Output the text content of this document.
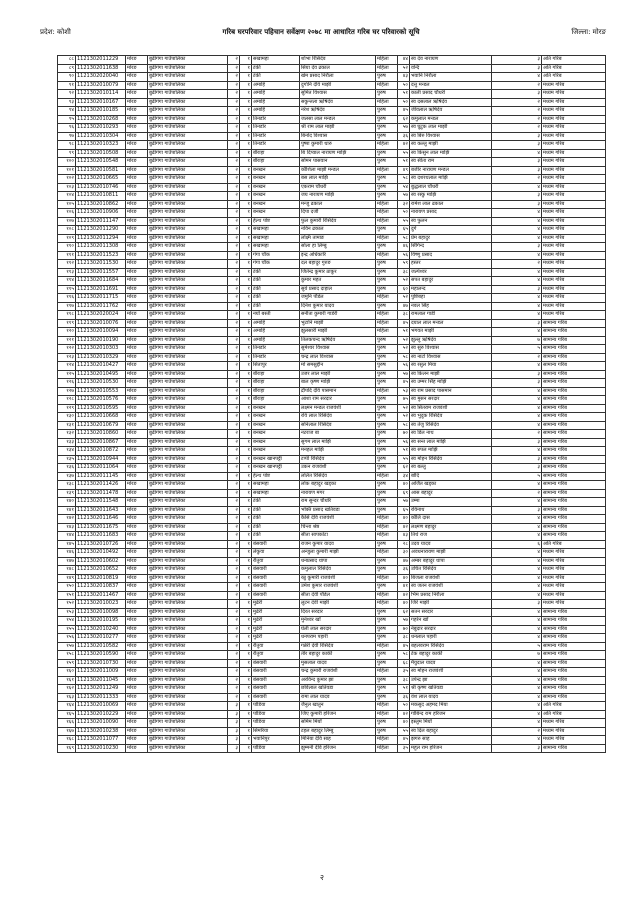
प्रदेश: कोशी	गरिब घरपरिवार पहिचान सर्वेक्षण २०७८ मा आधारित गरिब घर परिवारको सूचि	जिल्ला: मोरङ
८८	1121302011229	मोरङ	बुढीगंगा गाउँपालिका	२	१	सखामहा	शोभा रिसिदेव	महिला	४४	स्व देव नारायण	३	अति गरिब
८९	1121302011638	मोरङ	बुढीगंगा गाउँपालिका	२	१	टंकी	सिया देव ढकाल	महिला	५२	वन्दि	३	अति गरिब
९०	1121302020040	मोरङ	बुढीगंगा गाउँपालिका	२	१	टंकी	खेम प्रसाद निरौला	पुरुष	४३	भवानि निरौला	४	अति गरिब
९१	1121302010079	मोरङ	बुढीगंगा गाउँपालिका	२	१	अमाहि	दुर्गानि देवि माझी	महिला	५०	दत्तु मन्डल	२	मध्यम गरिब
९२	1121302010114	मोरङ	बुढीगंगा गाउँपालिका	२	१	अमाहि	सुमित विश्वास	पुरुष	५१	काली प्रसाद चौधरी	३	मध्यम गरिब
९३	1121302010167	मोरङ	बुढीगंगा गाउँपालिका	२	१	अमाहि	सकुन्तला ऋषिदेव	महिला	५०	स्व दसलाल ऋषिदेव	२	मध्यम गरिब
९४	1121302010185	मोरङ	बुढीगंगा गाउँपालिका	२	१	अमाहि	नरेश ऋषिदेव	पुरुष	४५	जीवलाल ऋषिदेव	२	मध्यम गरिब
९५	1121302010268	मोरङ	बुढीगंगा गाउँपालिका	२	१	तिनडोर	जलसा लाल मन्डल	पुरुष	६२	कमुलाल मन्डल	२	मध्यम गरिब
९६	1121302010293	मोरङ	बुढीगंगा गाउँपालिका	२	१	तिनडोर	श्री राम लाल माझी	पुरुष	५७	स्व घुटुक लाल माझी	२	मध्यम गरिब
९७	1121302010304	मोरङ	बुढीगंगा गाउँपालिका	२	१	तिनडोर	बिनोद विश्वास	पुरुष	३६	स्व बिरु विश्वास	३	मध्यम गरिब
९८	1121302010323	मोरङ	बुढीगंगा गाउँपालिका	२	१	तिनडोर	पुष्पा कुमारी थारु	महिला	४२	स्व कल्लु माझी	३	मध्यम गरिब
९९	1121302010508	मोरङ	बुढीगंगा गाउँपालिका	२	१	बौराहा	बि दिप्याल नारायण माझि	पुरुष	५५	स्व किसुन लाल माझि	४	मध्यम गरिब
१००	1121302010548	मोरङ	बुढीगंगा गाउँपालिका	२	१	बौराहा	सोमन पासवान	पुरुष	५१	स्व सीता राम	३	मध्यम गरिब
१०१	1121302010581	मोरङ	बुढीगंगा गाउँपालिका	२	१	बनखन	कौशिला माझी मन्डल	महिला	४९	बजीर नारायण मन्डल	३	मध्यम गरिब
१०२	1121302010665	मोरङ	बुढीगंगा गाउँपालिका	२	१	बनखन	बस लाल माझि	पुरुष	५८	स्व दशरथलाल माझि	२	मध्यम गरिब
१०३	1121302010746	मोरङ	बुढीगंगा गाउँपालिका	२	१	बनखन	एकराम चौधरी	पुरुष	५४	बुद्धलाल चौधरी	४	मध्यम गरिब
१०४	1121302010811	मोरङ	बुढीगंगा गाउँपालिका	२	१	बनखन	जय नारायण माझि	पुरुष	५७	स्व रस्कु माझि	३	मध्यम गरिब
१०५	1121302010862	मोरङ	बुढीगंगा गाउँपालिका	२	१	बनखन	मन्जु ढकाल	महिला	३२	रामेश लाल ढकाल	३	मध्यम गरिब
१०६	1121302010906	मोरङ	बुढीगंगा गाउँपालिका	२	१	बनखन	दिपा दर्जी	महिला	५०	नारायण प्रसाद	४	मध्यम गरिब
१०७	1121302011147	मोरङ	बुढीगंगा गाउँपालिका	२	१	हेल्थ पोष्ट	फुल कुमारी रिसिदेव	महिला	५५	स्व फुलन	४	मध्यम गरिब
१०८	1121302011290	मोरङ	बुढीगंगा गाउँपालिका	२	१	सखामहा	नविन ढकाल	पुरुष	६५	दुर्गे	४	मध्यम गरिब
१०९	1121302011294	मोरङ	बुढीगंगा गाउँपालिका	२	१	सखामहा	लक्ष्मि तामाङ	महिला	५८	प्रेम बहादुर	४	मध्यम गरिब
११०	1121302011308	मोरङ	बुढीगंगा गाउँपालिका	२	१	सखामहा	सोला हा लिम्बु	पुरुष	४६	सिंगिन्द	३	मध्यम गरिब
१११	1121302011523	मोरङ	बुढीगंगा गाउँपालिका	२	१	गंगा चौक	इन्द्र अधिकारि	महिला	५६	विष्णु प्रसाद	४	मध्यम गरिब
११२	1121302011530	मोरङ	बुढीगंगा गाउँपालिका	२	१	गंगा चौक	दल बहादुर गुरुङ	पुरुष	५९	हस्तर	२	मध्यम गरिब
११३	1121302011557	मोरङ	बुढीगंगा गाउँपालिका	२	१	टंकी	जितेन्द्र कुमार ठाकुर	पुरुष	३८	जल्पेश्वर	४	मध्यम गरिब
११४	1121302011684	मोरङ	बुढीगंगा गाउँपालिका	२	१	टंकी	कुमार महत	पुरुष	५२	सपत बहादुर	४	मध्यम गरिब
११५	1121302011691	मोरङ	बुढीगंगा गाउँपालिका	२	१	टंकी	सुर्य प्रसाद दाहाल	पुरुष	६०	महालन्द	३	मध्यम गरिब
११६	1121302011715	मोरङ	बुढीगंगा गाउँपालिका	२	१	टंकी	जमुनि पौडेल	महिला	५२	पुष्टिबहा	४	मध्यम गरिब
११७	1121302011762	मोरङ	बुढीगंगा गाउँपालिका	२	१	टंकी	दिनेश कुमार यादव	पुरुष	४७	नवल सिंह	४	मध्यम गरिब
११८	1121302020024	मोरङ	बुढीगंगा गाउँपालिका	२	१	नयाँ बस्ती	सनीता कुमारी गाडेरी	महिला	३८	रामलाल गाडी	४	मध्यम गरिब
११९	1121302010076	मोरङ	बुढीगंगा गाउँपालिका	२	१	अमाहि	भुटानि माझी	महिला	४५	दयाल लाल मन्डल	३	सामान्य गरिब
१२०	1121302010094	मोरङ	बुढीगंगा गाउँपालिका	२	१	अमाहि	झुलसारी माझी	महिला	५१	भगवत माझी	४	सामान्य गरिब
१२१	1121302010190	मोरङ	बुढीगंगा गाउँपालिका	२	१	अमाहि	तिलकचन्द ऋषिदेव	पुरुष	५२	झुल्लु ऋषिदेव	७	सामान्य गरिब
१२२	1121302010303	मोरङ	बुढीगंगा गाउँपालिका	२	१	तिनडोर	सुमेश्वर विश्वास	पुरुष	५२	स्व सुरु विश्वास	५	सामान्य गरिब
१२३	1121302010329	मोरङ	बुढीगंगा गाउँपालिका	२	१	तिनडोर	चन्द्र लाल विश्वास	पुरुष	५८	स्व नाटो विश्वास	२	सामान्य गरिब
१२४	1121302010427	मोरङ	बुढीगंगा गाउँपालिका	२	१	सितापुर	मो समसुद्दीन	पुरुष	५६	स्व रसुल मिया	४	सामान्य गरिब
१२५	1121302010495	मोरङ	बुढीगंगा गाउँपालिका	२	१	बौराहा	उजर लाल माझी	पुरुष	५७	स्व किलन माझी	३	सामान्य गरिब
१२६	1121302010530	मोरङ	बुढीगंगा गाउँपालिका	२	१	बौराहा	बाल कृष्ण माझि	पुरुष	४५	स्व उम्मर सिंह माझि	३	सामान्य गरिब
१२७	1121302010553	मोरङ	बुढीगंगा गाउँपालिका	२	१	बौराहा	द्रौपदि देवि पासमान	महिला	५३	स्व राम प्रसाद पासमान	४	सामान्य गरिब
१२८	1121302010576	मोरङ	बुढीगंगा गाउँपालिका	२	१	बौराहा	आशा राम सरदार	पुरुष	७५	स्व मुसन सरदार	४	सामान्य गरिब
१२९	1121302010595	मोरङ	बुढीगंगा गाउँपालिका	२	१	बनखन	लक्ष्मन मन्डल राजवंशी	पुरुष	५२	स्व सितराम राजवंशी	४	सामान्य गरिब
१३०	1121302010668	मोरङ	बुढीगंगा गाउँपालिका	२	१	बनखन	रवि लाल रिसिदेव	पुरुष	५२	स्व भुदुक रिसिदेव	४	सामान्य गरिब
१३१	1121302010679	मोरङ	बुढीगंगा गाउँपालिका	२	१	बनखन	सनिलाल रिसिदेव	पुरुष	५८	स्व तेजु रिसिदेव	४	सामान्य गरिब
१३२	1121302010860	मोरङ	बुढीगंगा गाउँपालिका	२	१	बनखन	नटराज बा	पुरुष	७०	स्व डिल नाथ	२	सामान्य गरिब
१३३	1121302010867	मोरङ	बुढीगंगा गाउँपालिका	२	१	बनखन	सुगम लाल माझि	पुरुष	५६	स्व सन्त लाल माझि	३	सामान्य गरिब
१३४	1121302010872	मोरङ	बुढीगंगा गाउँपालिका	२	१	बनखन	मनहल माझि	पुरुष	५१	स्व रुपल माझि	४	सामान्य गरिब
१३५	1121302010944	मोरङ	बुढीगंगा गाउँपालिका	२	१	बनखन खानपट्टी	टप्पी रिसिदेव	पुरुष	५५	स्व मोहन रिसिदेव	३	सामान्य गरिब
१३६	1121302011064	मोरङ	बुढीगंगा गाउँपालिका	२	१	बनखन खानपट्टी	उकन राजवंशी	पुरुष	६२	स्व बल्लु	३	सामान्य गरिब
१३७	1121302011145	मोरङ	बुढीगंगा गाउँपालिका	२	१	हेल्थ पोष्ट	ललित रिसिदेव	महिला	३४	बोदि	५	सामान्य गरिब
१३८	1121302011426	मोरङ	बुढीगंगा गाउँपालिका	२	१	सखामहा	लोक बहादुर खड्का	पुरुष	४०	अर्जित खड्का	४	सामान्य गरिब
१३९	1121302011478	मोरङ	बुढीगंगा गाउँपालिका	२	१	सखामहा	नारायण मगर	पुरुष	६९	आस बहादुर	२	सामान्य गरिब
१४०	1121302011548	मोरङ	बुढीगंगा गाउँपालिका	२	१	टंकी	राम सुन्दर चौधरि	पुरुष	५७	उम्मा	४	सामान्य गरिब
१४१	1121302011643	मोरङ	बुढीगंगा गाउँपालिका	२	१	टंकी	भक्ति प्रसाद खतिवडा	पुरुष	६५	रविनाथ	३	सामान्य गरिब
१४२	1121302011646	मोरङ	बुढीगंगा गाउँपालिका	२	१	टंकी	कैसि देवि राजवंशी	महिला	४०	कौलि दास	४	सामान्य गरिब
१४३	1121302011675	मोरङ	बुढीगंगा गाउँपालिका	२	१	टंकी	चिन्ता श्रेष्ठ	महिला	४२	लक्ष्मण बहादुर	४	सामान्य गरिब
१४४	1121302011683	मोरङ	बुढीगंगा गाउँपालिका	२	१	टंकी	सीता सापकोटा	महिला	४३	तिर्थ राज	४	सामान्य गरिब
१४५	1121302010726	मोरङ	बुढीगंगा गाउँपालिका	२	१	बंसवारी	राजन कुमार यादव	पुरुष	२८	उदय यादव	६	अति गरिब
१४६	1121302010492	मोरङ	बुढीगंगा गाउँपालिका	२	१	लेकुवा	अन्जुला कुमारी माझी	महिला	३०	अवधनारायण माझी	४	मध्यम गरिब
१४७	1121302010602	मोरङ	बुढीगंगा गाउँपालिका	२	१	रौतुवा	धनप्रसाद थापा	पुरुष	४७	अम्बर बहादुर थापा	४	मध्यम गरिब
१४८	1121302010652	मोरङ	बुढीगंगा गाउँपालिका	२	१	बंसवारी	कमुलाल रिसिदेव	पुरुष	३६	उचित रिसिदेव	४	मध्यम गरिब
१४९	1121302010819	मोरङ	बुढीगंगा गाउँपालिका	२	१	बंसवारी	रन्नु कुमारी राजवंशी	महिला	४०	बिजला राजवंशी	४	मध्यम गरिब
१५०	1121302010837	मोरङ	बुढीगंगा गाउँपालिका	२	१	बंसवारी	उमेश कुमार राजवंशी	पुरुष	४१	स्व जतन राजवंशी	४	मध्यम गरिब
१५१	1121302011467	मोरङ	बुढीगंगा गाउँपालिका	२	१	बंसवारी	सीता देवी पौडेल	महिला	४२	भिम प्रसाद निरौला	४	मध्यम गरिब
१५२	1121302010023	मोरङ	बुढीगंगा गाउँपालिका	२	१	मुढेरी	लुटन देवी माझी	महिला	४०	जिरे माझी	३	मध्यम गरिब
१५३	1121302010098	मोरङ	बुढीगंगा गाउँपालिका	२	१	मुढेरी	दिरत सरदार	पुरुष	६२	सतन सरदार	४	सामान्य गरिब
१५४	1121302010195	मोरङ	बुढीगंगा गाउँपालिका	२	१	मुढेरी	मुनेश्वर खाँ	पुरुष	५७	गहरेन खाँ	४	सामान्य गरिब
१५५	1121302010240	मोरङ	बुढीगंगा गाउँपालिका	२	१	मुढेरी	घेली लाल सरदार	पुरुष	७०	नेबुदार सरदार	४	सामान्य गरिब
१५६	1121302010277	मोरङ	बुढीगंगा गाउँपालिका	२	१	मुढेरी	धनपराम पहारी	पुरुष	३८	धनलाल पहारी	४	सामान्य गरिब
१५७	1121302010582	मोरङ	बुढीगंगा गाउँपालिका	२	१	रौतुवा	गन्नेरी देवी रिसिदेव	महिला	४५	बहलवराम रिसिदेव	५	सामान्य गरिब
१५८	1121302010590	मोरङ	बुढीगंगा गाउँपालिका	२	१	रौतुवा	तीर बहादुर कार्की	पुरुष	५८	टेक बहादुर कार्की	७	सामान्य गरिब
१५९	1121302010730	मोरङ	बुढीगंगा गाउँपालिका	२	१	बंसवारी	मुसलाल यादव	पुरुष	६८	मैयुदाल यादव	४	सामान्य गरिब
१६०	1121302011009	मोरङ	बुढीगंगा गाउँपालिका	२	१	बंसवारी	चन्द्र कुमारी राजवंशी	महिला	३५	स्व मोहन राजवंशी	४	सामान्य गरिब
१६१	1121302011045	मोरङ	बुढीगंगा गाउँपालिका	२	१	बंसवारी	अरविन्द कुमार झा	पुरुष	३८	उपेन्द्र झा	४	सामान्य गरिब
१६२	1121302011249	मोरङ	बुढीगंगा गाउँपालिका	२	१	बंसवारी	छविलाल खतिवडा	पुरुष	५१	श्री कृष्ण खतिवडा	४	सामान्य गरिब
१६३	1121302011333	मोरङ	बुढीगंगा गाउँपालिका	२	१	बंसवारी	रामा लाल यादव	पुरुष	३६	वंश लाल यादव	४	सामान्य गरिब
१६४	1121302010069	मोरङ	बुढीगंगा गाउँपालिका	३	१	पोडिया	जैनुल खातुन	महिला	५०	मकसुद अहमद मिया	४	अति गरिब
१६५	1121302010229	मोरङ	बुढीगंगा गाउँपालिका	३	१	पोडिया	जिए कुमारी हरिजन	महिला	४२	गोबिन्द राम हरिजन	४	अति गरिब
१६६	1121302010090	मोरङ	बुढीगंगा गाउँपालिका	३	१	पोडिया	समिम मियाँ	पुरुष	४०	इस्लुम मियाँ	४	मध्यम गरिब
१६७	1121302010238	मोरङ	बुढीगंगा गाउँपालिका	३	१	सिमरिया	टहल बहादुर लिम्बु	पुरुष	५५	स्व दिल बहादुर	२	मध्यम गरिब
१६८	1121302011077	मोरङ	बुढीगंगा गाउँपालिका	३	१	भवानिपुर	मिनिया देवि साह	महिला	४५	झगरु साह	४	मध्यम गरिब
१६९	1121302010230	मोरङ	बुढीगंगा गाउँपालिका	३	१	पोडिया	झुम्मनी देवि हरिजन	महिला	३५	महुल राम हरिजन	३	सामान्य गरिब
२
